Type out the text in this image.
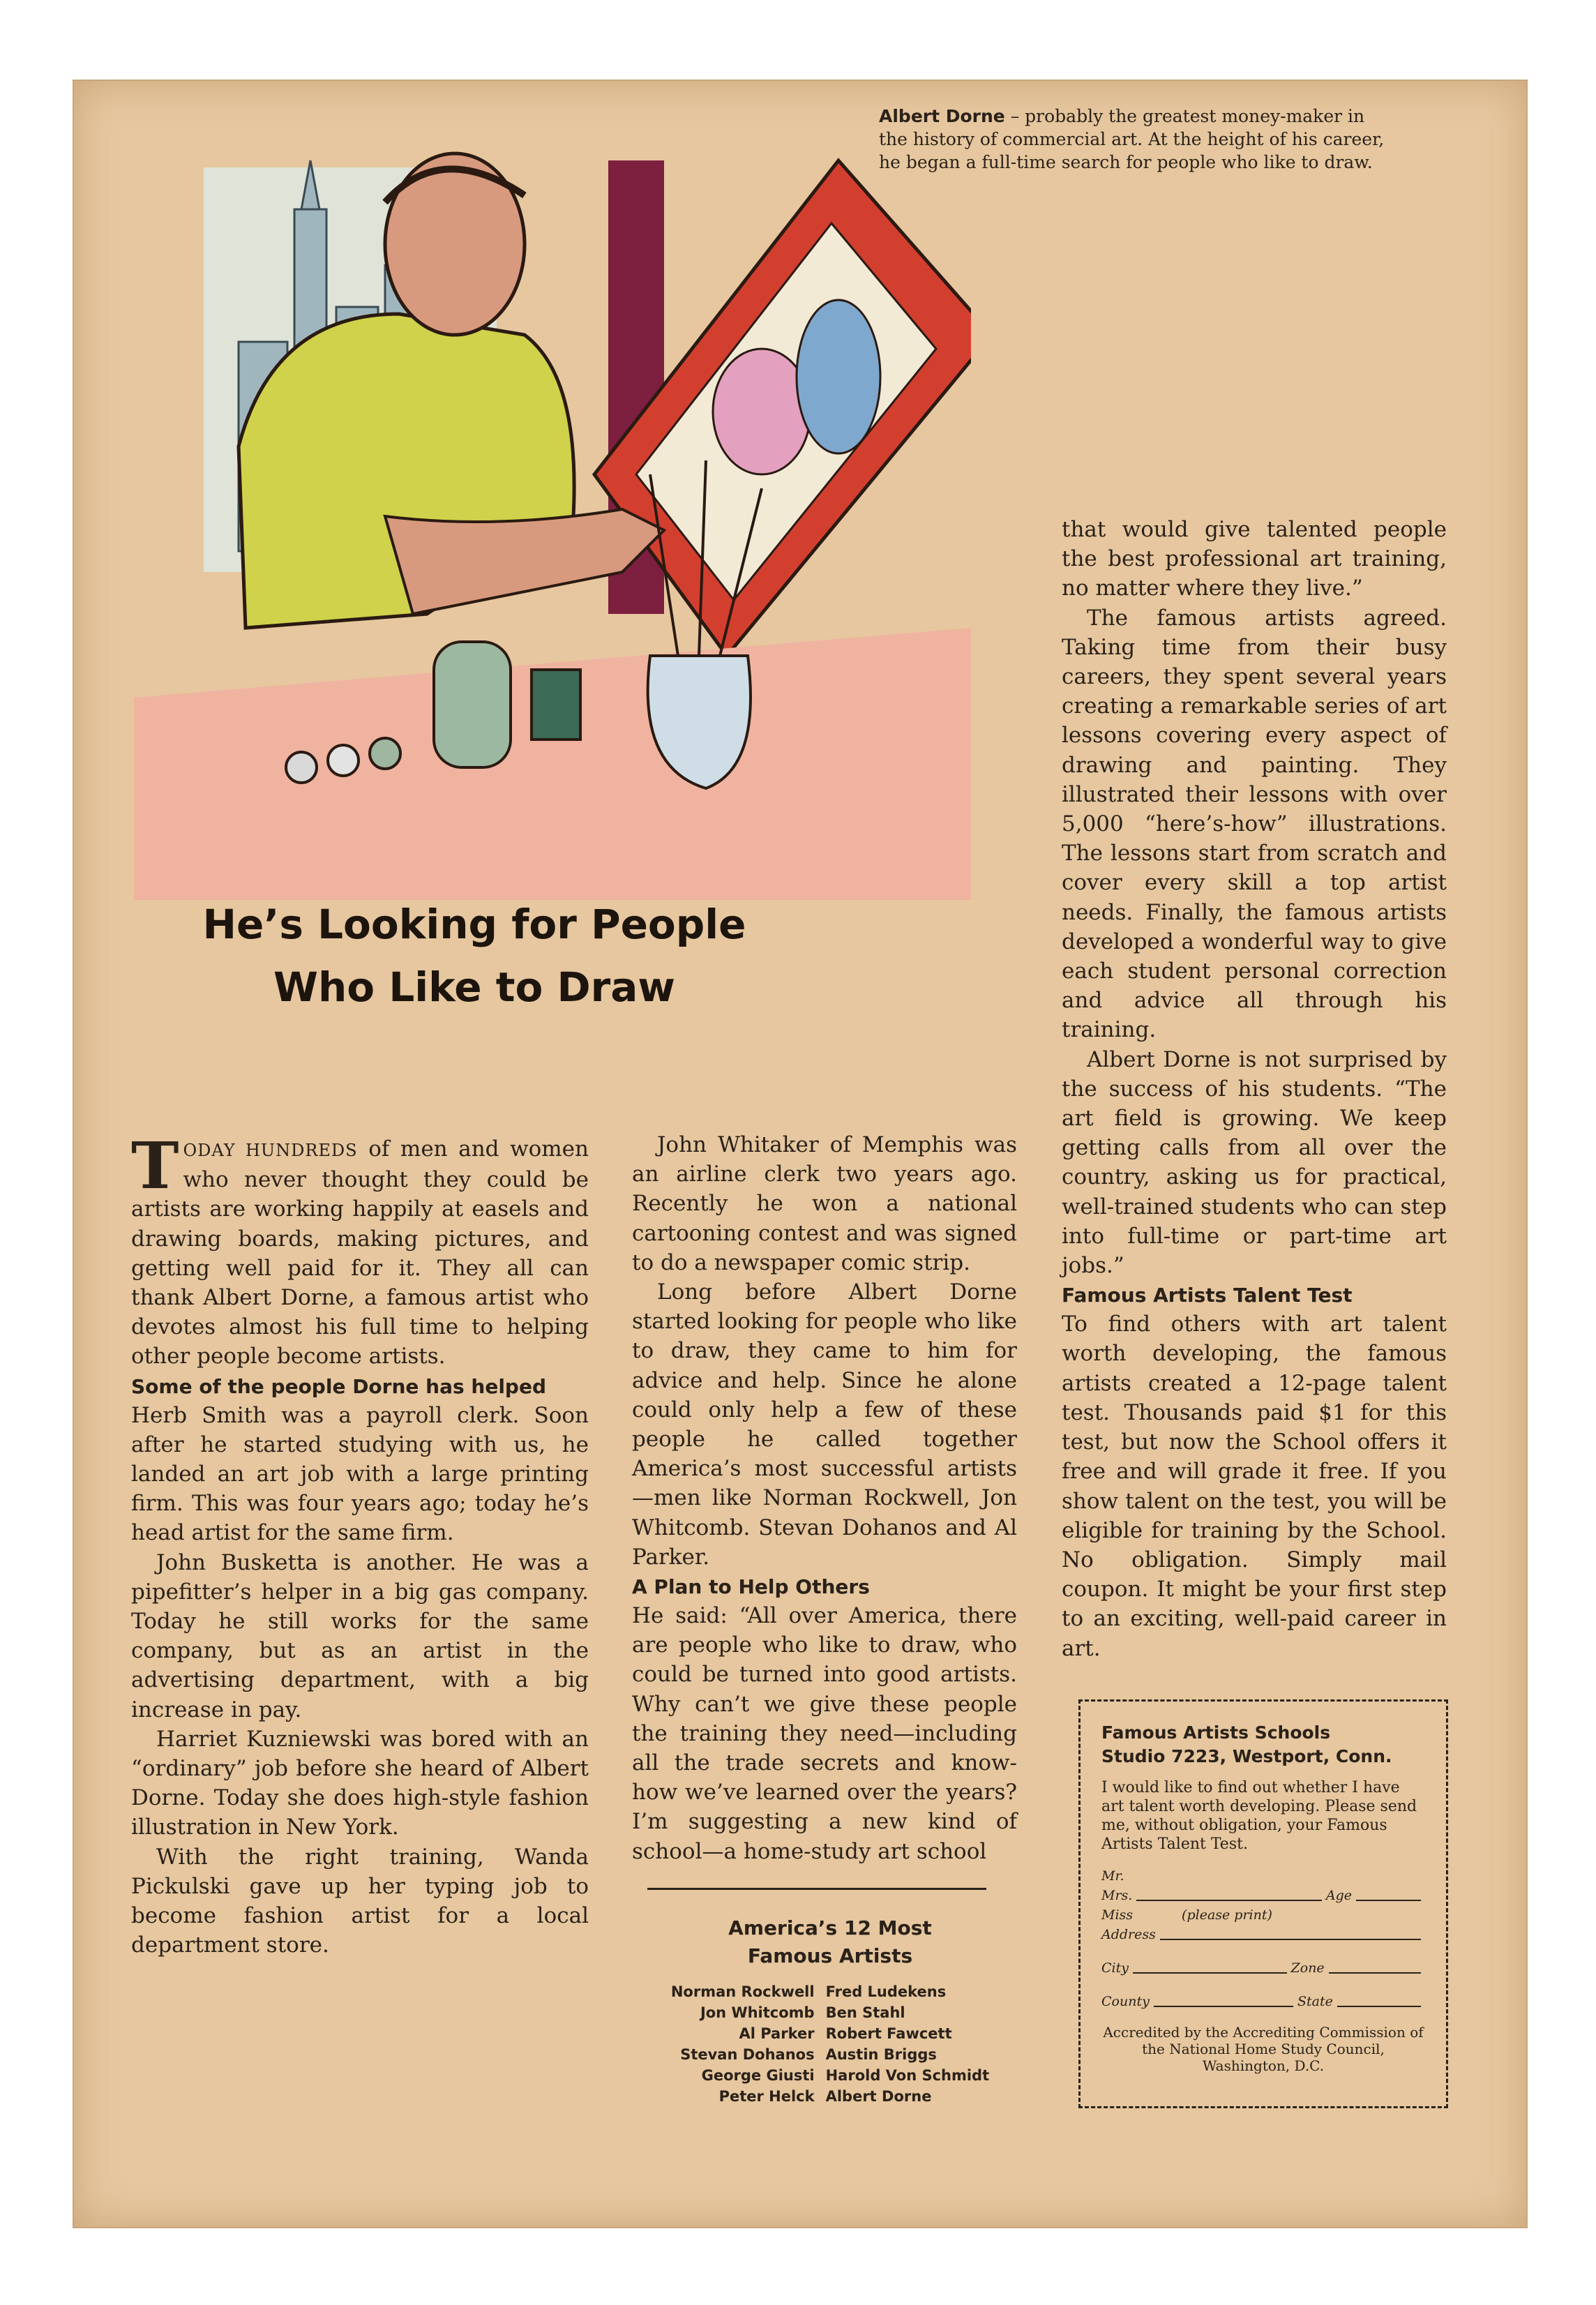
Albert Dorne – probably the greatest money-maker in the history of commercial art. At the height of his career, he began a full-time search for people who like to draw.
He’s Looking for People
Who Like to Draw

TODAY HUNDREDS of men and women who never thought they could be artists are working happily at easels and drawing boards, making pictures, and getting well paid for it. They all can thank Albert Dorne, a famous artist who devotes almost his full time to helping other people become artists.

Some of the people Dorne has helped

Herb Smith was a payroll clerk. Soon after he started studying with us, he landed an art job with a large printing firm. This was four years ago; today he’s head artist for the same firm.

John Busketta is another. He was a pipefitter’s helper in a big gas company. Today he still works for the same company, but as an artist in the advertising department, with a big increase in pay.

Harriet Kuzniewski was bored with an “ordinary” job before she heard of Albert Dorne. Today she does high-style fashion illustration in New York.

With the right training, Wanda Pickulski gave up her typing job to become fashion artist for a local department store.

John Whitaker of Memphis was an airline clerk two years ago. Recently he won a national cartooning contest and was signed to do a newspaper comic strip.

Long before Albert Dorne started looking for people who like to draw, they came to him for advice and help. Since he alone could only help a few of these people he called together America’s most successful artists—men like Norman Rockwell, Jon Whitcomb. Stevan Dohanos and Al Parker.

A Plan to Help Others

He said: “All over America, there are people who like to draw, who could be turned into good artists. Why can’t we give these people the training they need—including all the trade secrets and know-how we’ve learned over the years? I’m suggesting a new kind of school—a home-study art school

that would give talented people the best professional art training, no matter where they live.”

The famous artists agreed. Taking time from their busy careers, they spent several years creating a remarkable series of art lessons covering every aspect of drawing and painting. They illustrated their lessons with over 5,000 “here’s-how” illustrations. The lessons start from scratch and cover every skill a top artist needs. Finally, the famous artists developed a wonderful way to give each student personal correction and advice all through his training.

Albert Dorne is not surprised by the success of his students. “The art field is growing. We keep getting calls from all over the country, asking us for practical, well-trained students who can step into full-time or part-time art jobs.”

Famous Artists Talent Test

To find others with art talent worth developing, the famous artists created a 12-page talent test. Thousands paid $1 for this test, but now the School offers it free and will grade it free. If you show talent on the test, you will be eligible for training by the School. No obligation. Simply mail coupon. It might be your first step to an exciting, well-paid career in art.

America’s 12 Most
Famous Artists
Norman Rockwell	Fred Ludekens
Jon Whitcomb	Ben Stahl
Al Parker	Robert Fawcett
Stevan Dohanos	Austin Briggs
George Giusti	Harold Von Schmidt
Peter Helck	Albert Dorne
Famous Artists Schools
Studio 7223, Westport, Conn.
I would like to find out whether I have art talent worth developing. Please send me, without obligation, your Famous Artists Talent Test.
Mr.
Mrs.	Age
Miss	(please print)
Address
City	Zone
County	State
Accredited by the Accrediting Commission of the National Home Study Council, Washington, D.C.
